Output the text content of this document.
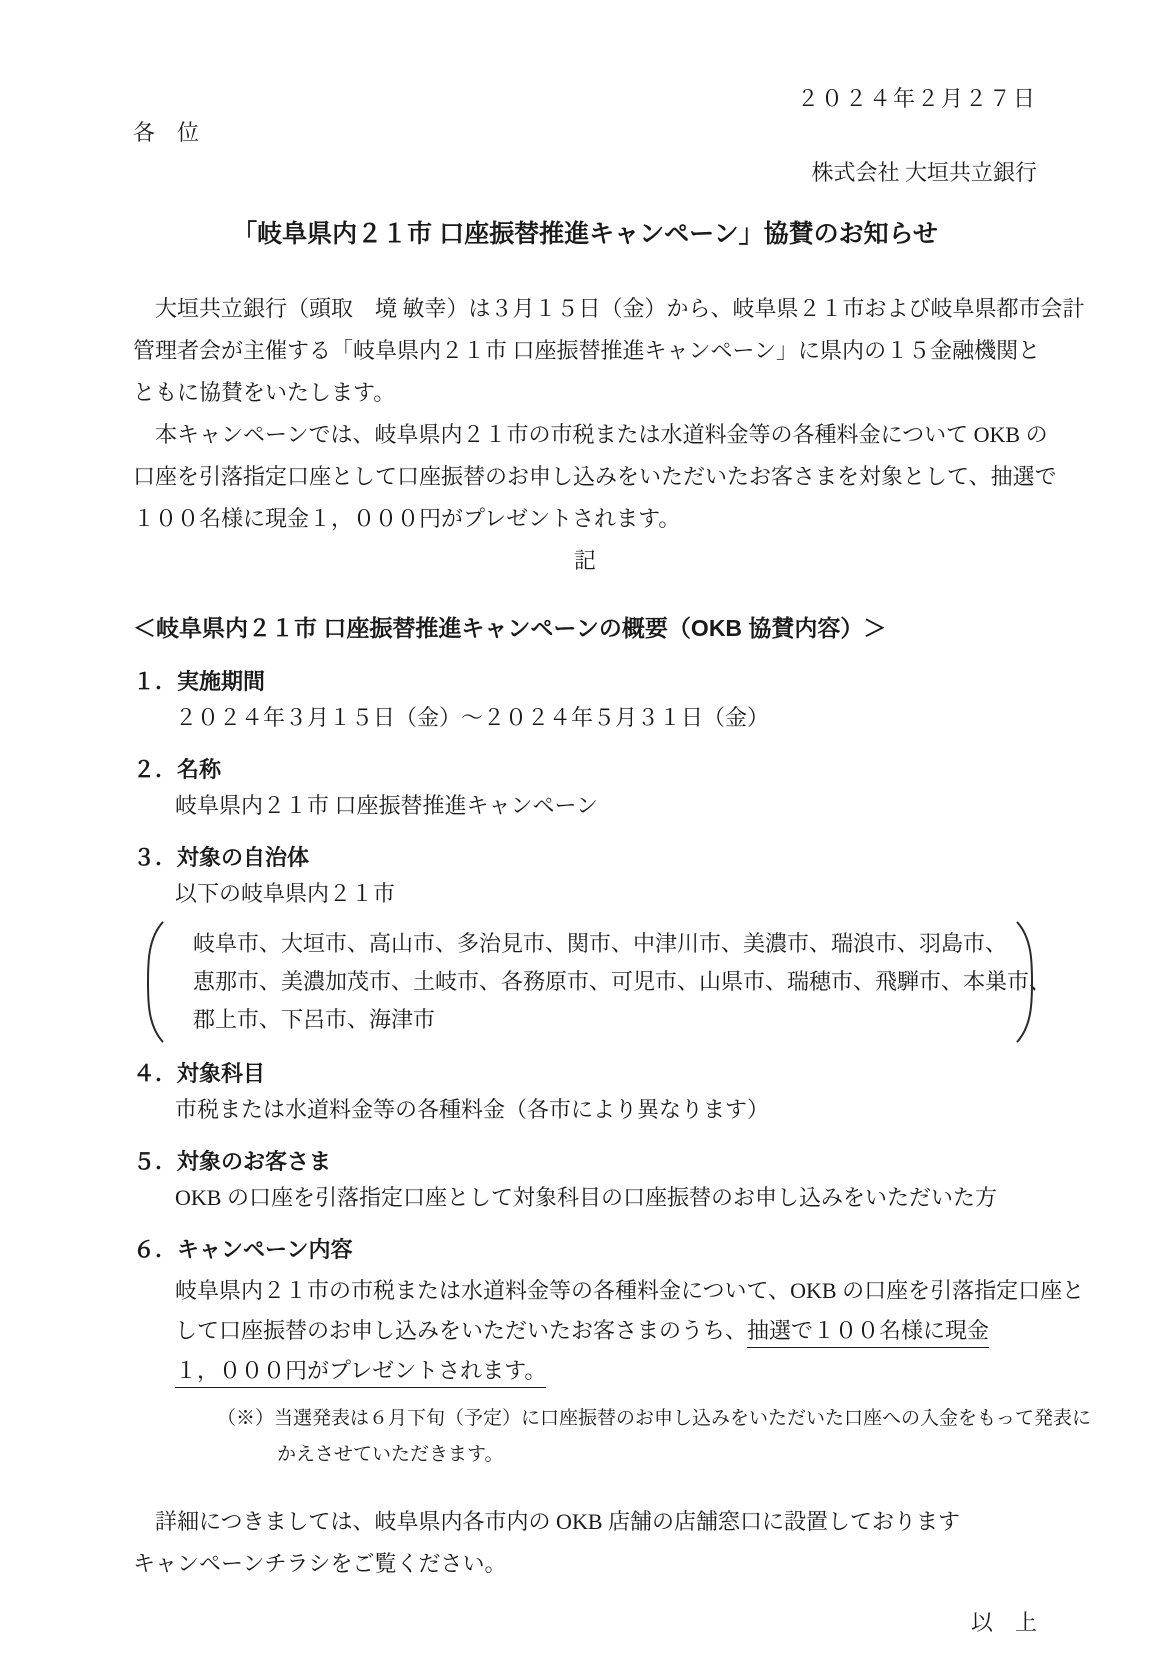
２０２４年２月２７日
各　位
株式会社 大垣共立銀行
「岐阜県内２１市 口座振替推進キャンペーン」協賛のお知らせ
　大垣共立銀行（頭取　境 敏幸）は３月１５日（金）から、岐阜県２１市および岐阜県都市会計
管理者会が主催する「岐阜県内２１市 口座振替推進キャンペーン」に県内の１５金融機関と
ともに協賛をいたします。
　本キャンペーンでは、岐阜県内２１市の市税または水道料金等の各種料金について OKB の
口座を引落指定口座として口座振替のお申し込みをいただいたお客さまを対象として、抽選で
１００名様に現金１，０００円がプレゼントされます。
記
＜岐阜県内２１市 口座振替推進キャンペーンの概要（OKB 協賛内容）＞
１．実施期間
２０２４年３月１５日（金）～２０２４年５月３１日（金）
２．名称
岐阜県内２１市 口座振替推進キャンペーン
３．対象の自治体
以下の岐阜県内２１市
岐阜市、大垣市、高山市、多治見市、関市、中津川市、美濃市、瑞浪市、羽島市、
恵那市、美濃加茂市、土岐市、各務原市、可児市、山県市、瑞穂市、飛騨市、本巣市、
郡上市、下呂市、海津市
４．対象科目
市税または水道料金等の各種料金（各市により異なります）
５．対象のお客さま
OKB の口座を引落指定口座として対象科目の口座振替のお申し込みをいただいた方
６．キャンペーン内容
岐阜県内２１市の市税または水道料金等の各種料金について、OKB の口座を引落指定口座と
して口座振替のお申し込みをいただいたお客さまのうち、抽選で１００名様に現金
１，０００円がプレゼントされます。
（※）当選発表は６月下旬（予定）に口座振替のお申し込みをいただいた口座への入金をもって発表に
かえさせていただきます。
　詳細につきましては、岐阜県内各市内の OKB 店舗の店舗窓口に設置しております
キャンペーンチラシをご覧ください。
以　上
